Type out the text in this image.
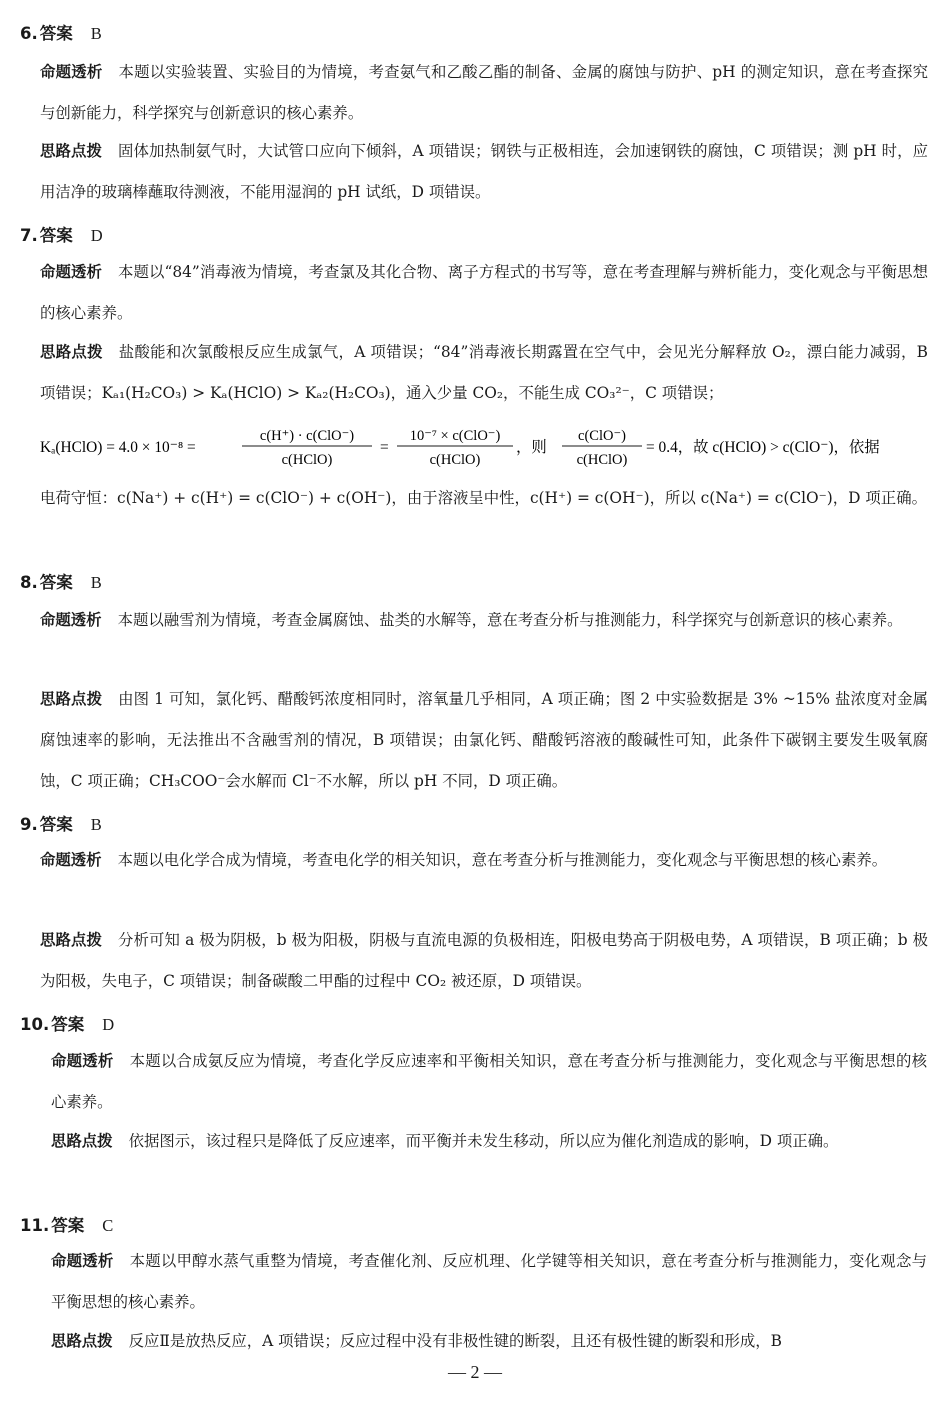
6. 答案 B
命题透析 本题以实验装置、实验目的为情境，考查氨气和乙酸乙酯的制备、金属的腐蚀与防护、pH 的测定知识，意在考查探究与创新能力，科学探究与创新意识的核心素养。
思路点拨 固体加热制氨气时，大试管口应向下倾斜，A 项错误；钢铁与正极相连，会加速钢铁的腐蚀，C 项错误；测 pH 时，应用洁净的玻璃棒蘸取待测液，不能用湿润的 pH 试纸，D 项错误。
7. 答案 D
命题透析 本题以“84”消毒液为情境，考查氯及其化合物、离子方程式的书写等，意在考查理解与辨析能力，变化观念与平衡思想的核心素养。
思路点拨 盐酸能和次氯酸根反应生成氯气，A 项错误；“84”消毒液长期露置在空气中，会见光分解释放 O₂，漂白能力减弱，B 项错误；Kₐ₁(H₂CO₃) > Kₐ(HClO) > Kₐ₂(H₂CO₃)，通入少量 CO₂，不能生成 CO₃²⁻，C 项错误；
Kₐ(HClO) = 4.0 × 10⁻⁸ =
c(H⁺) · c(ClO⁻)
c(HClO)
=
10⁻⁷ × c(ClO⁻)
c(HClO)
，则
c(ClO⁻)
c(HClO)
= 0.4，故 c(HClO) > c(ClO⁻)，依据
电荷守恒：c(Na⁺) + c(H⁺) = c(ClO⁻) + c(OH⁻)，由于溶液呈中性，c(H⁺) = c(OH⁻)，所以 c(Na⁺) = c(ClO⁻)，D 项正确。
8. 答案 B
命题透析 本题以融雪剂为情境，考查金属腐蚀、盐类的水解等，意在考查分析与推测能力，科学探究与创新意识的核心素养。
思路点拨 由图 1 可知，氯化钙、醋酸钙浓度相同时，溶氧量几乎相同，A 项正确；图 2 中实验数据是 3% ~15% 盐浓度对金属腐蚀速率的影响，无法推出不含融雪剂的情况，B 项错误；由氯化钙、醋酸钙溶液的酸碱性可知，此条件下碳钢主要发生吸氧腐蚀，C 项正确；CH₃COO⁻会水解而 Cl⁻不水解，所以 pH 不同，D 项正确。
9. 答案 B
命题透析 本题以电化学合成为情境，考查电化学的相关知识，意在考查分析与推测能力，变化观念与平衡思想的核心素养。
思路点拨 分析可知 a 极为阴极，b 极为阳极，阴极与直流电源的负极相连，阳极电势高于阴极电势，A 项错误，B 项正确；b 极为阳极，失电子，C 项错误；制备碳酸二甲酯的过程中 CO₂ 被还原，D 项错误。
10. 答案 D
命题透析 本题以合成氨反应为情境，考查化学反应速率和平衡相关知识，意在考查分析与推测能力，变化观念与平衡思想的核心素养。
思路点拨 依据图示，该过程只是降低了反应速率，而平衡并未发生移动，所以应为催化剂造成的影响，D 项正确。
11. 答案 C
命题透析 本题以甲醇水蒸气重整为情境，考查催化剂、反应机理、化学键等相关知识，意在考查分析与推测能力，变化观念与平衡思想的核心素养。
思路点拨 反应Ⅱ是放热反应，A 项错误；反应过程中没有非极性键的断裂，且还有极性键的断裂和形成，B
— 2 —
